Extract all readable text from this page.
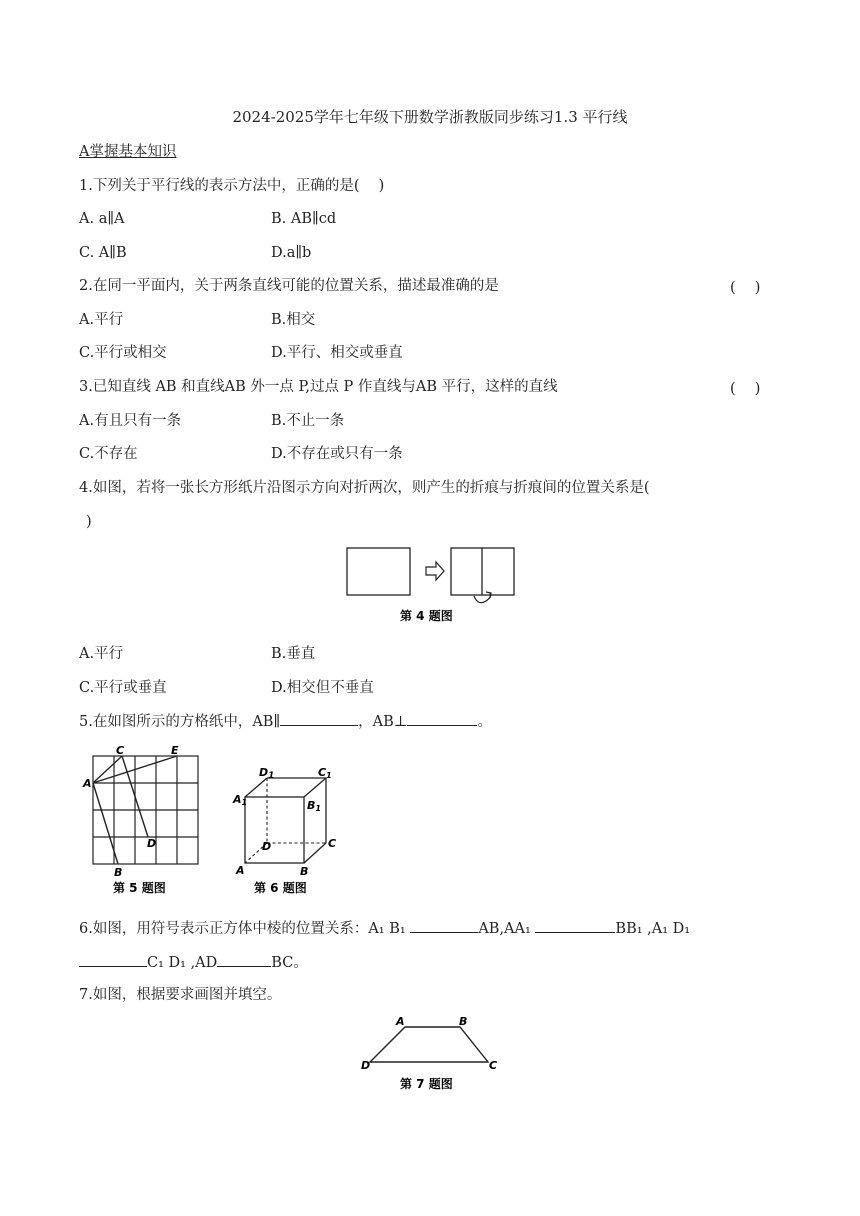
2024-2025学年七年级下册数学浙教版同步练习1.3 平行线
A掌握基本知识
1.下列关于平行线的表示方法中，正确的是(　 )
A. a∥A	B. AB∥cd
C. A∥B	D.a∥b
2.在同一平面内，关于两条直线可能的位置关系，描述最准确的是	(　 )
A.平行	B.相交
C.平行或相交	D.平行、相交或垂直
3.已知直线 AB 和直线AB 外一点 P,过点 P 作直线与AB 平行，这样的直线	(　 )
A.有且只有一条	B.不止一条
C.不存在	D.不存在或只有一条
4.如图，若将一张长方形纸片沿图示方向对折两次，则产生的折痕与折痕间的位置关系是(
)
第 4 题图
A.平行	B.垂直
C.平行或垂直	D.相交但不垂直
5.在如图所示的方格纸中，AB∥	，AB⊥	。
C	E
A
D
B
第 5 题图
D1	C1
A1	B1
D	C
A	B
第 6 题图
6.如图，用符号表示正方体中棱的位置关系：A₁ B₁	AB,AA₁	BB₁ ,A₁ D₁
C₁ D₁ ,AD	BC。
7.如图，根据要求画图并填空。
A	B
C
D
第 7 题图
